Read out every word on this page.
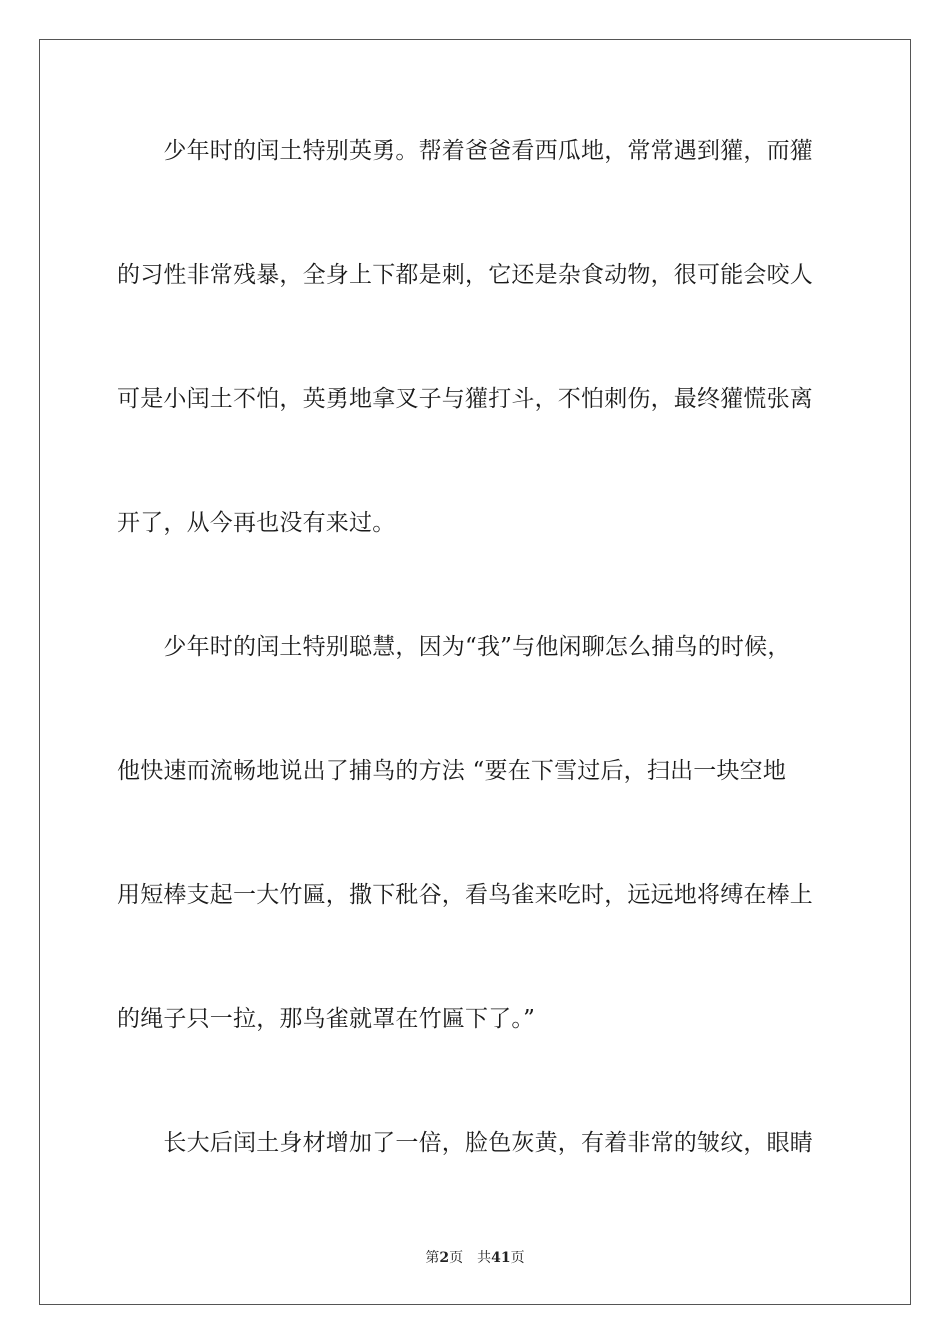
　　少年时的闰土特别英勇。帮着爸爸看西瓜地，常常遇到獾，而獾
的习性非常残暴，全身上下都是刺，它还是杂食动物，很可能会咬人
可是小闰土不怕，英勇地拿叉子与獾打斗，不怕刺伤，最终獾慌张离
开了，从今再也没有来过。
　　少年时的闰土特别聪慧，因为“我”与他闲聊怎么捕鸟的时候，
他快速而流畅地说出了捕鸟的方法 “要在下雪过后，扫出一块空地
用短棒支起一大竹匾，撒下秕谷，看鸟雀来吃时，远远地将缚在棒上
的绳子只一拉，那鸟雀就罩在竹匾下了。”
　　长大后闰土身材增加了一倍，脸色灰黄，有着非常的皱纹，眼睛
第2页 共41页
